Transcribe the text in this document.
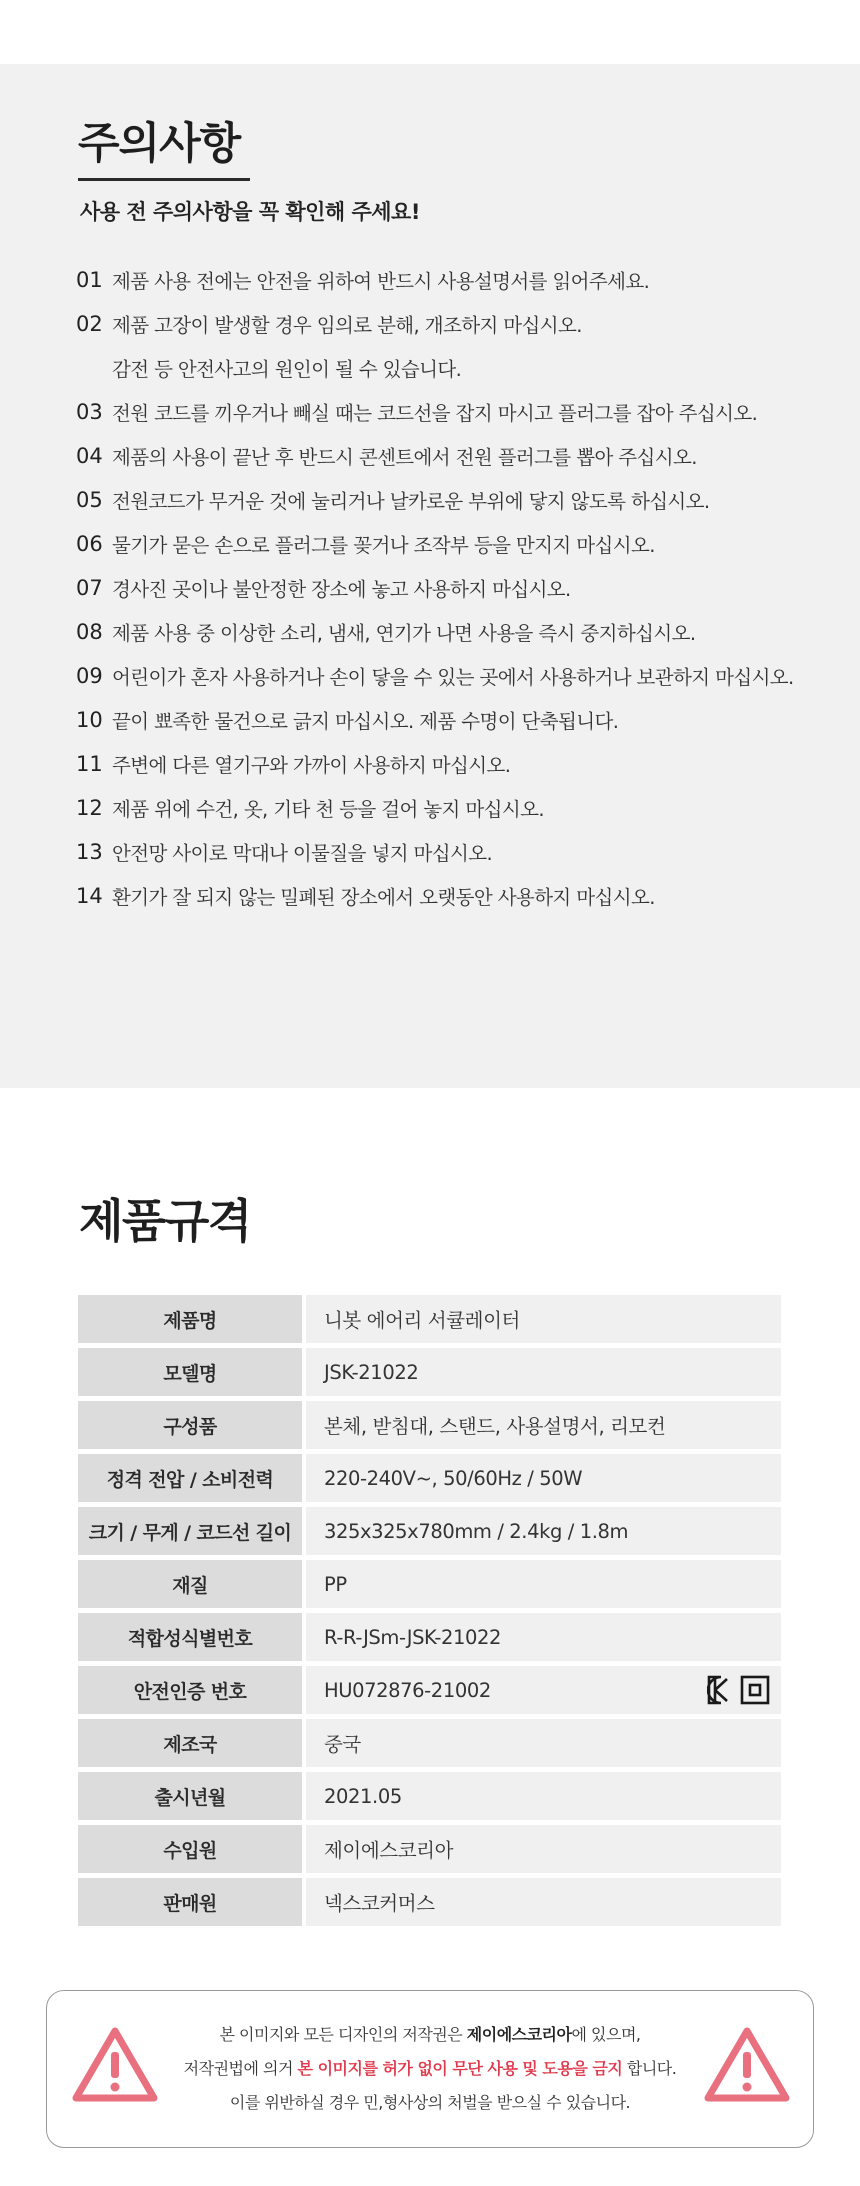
주의사항

사용 전 주의사항을 꼭 확인해 주세요!

01 제품 사용 전에는 안전을 위하여 반드시 사용설명서를 읽어주세요.
02 제품 고장이 발생할 경우 임의로 분해, 개조하지 마십시오.
감전 등 안전사고의 원인이 될 수 있습니다.
03 전원 코드를 끼우거나 빼실 때는 코드선을 잡지 마시고 플러그를 잡아 주십시오.
04 제품의 사용이 끝난 후 반드시 콘센트에서 전원 플러그를 뽑아 주십시오.
05 전원코드가 무거운 것에 눌리거나 날카로운 부위에 닿지 않도록 하십시오.
06 물기가 묻은 손으로 플러그를 꽂거나 조작부 등을 만지지 마십시오.
07 경사진 곳이나 불안정한 장소에 놓고 사용하지 마십시오.
08 제품 사용 중 이상한 소리, 냄새, 연기가 나면 사용을 즉시 중지하십시오.
09 어린이가 혼자 사용하거나 손이 닿을 수 있는 곳에서 사용하거나 보관하지 마십시오.
10 끝이 뾰족한 물건으로 긁지 마십시오. 제품 수명이 단축됩니다.
11 주변에 다른 열기구와 가까이 사용하지 마십시오.
12 제품 위에 수건, 옷, 기타 천 등을 걸어 놓지 마십시오.
13 안전망 사이로 막대나 이물질을 넣지 마십시오.
14 환기가 잘 되지 않는 밀폐된 장소에서 오랫동안 사용하지 마십시오.
제품규격
제품명	니봇 에어리 서큘레이터
모델명	JSK-21022
구성품	본체, 받침대, 스탠드, 사용설명서, 리모컨
정격 전압 / 소비전력	220-240V~, 50/60Hz / 50W
크기 / 무게 / 코드선 길이	325x325x780mm / 2.4kg / 1.8m
재질	PP
적합성식별번호	R-R-JSm-JSK-21022
안전인증 번호	HU072876-21002
제조국	중국
출시년월	2021.05
수입원	제이에스코리아
판매원	넥스코커머스
본 이미지와 모든 디자인의 저작권은 제이에스코리아에 있으며,
저작권법에 의거 본 이미지를 허가 없이 무단 사용 및 도용을 금지 합니다.
이를 위반하실 경우 민,형사상의 처벌을 받으실 수 있습니다.
